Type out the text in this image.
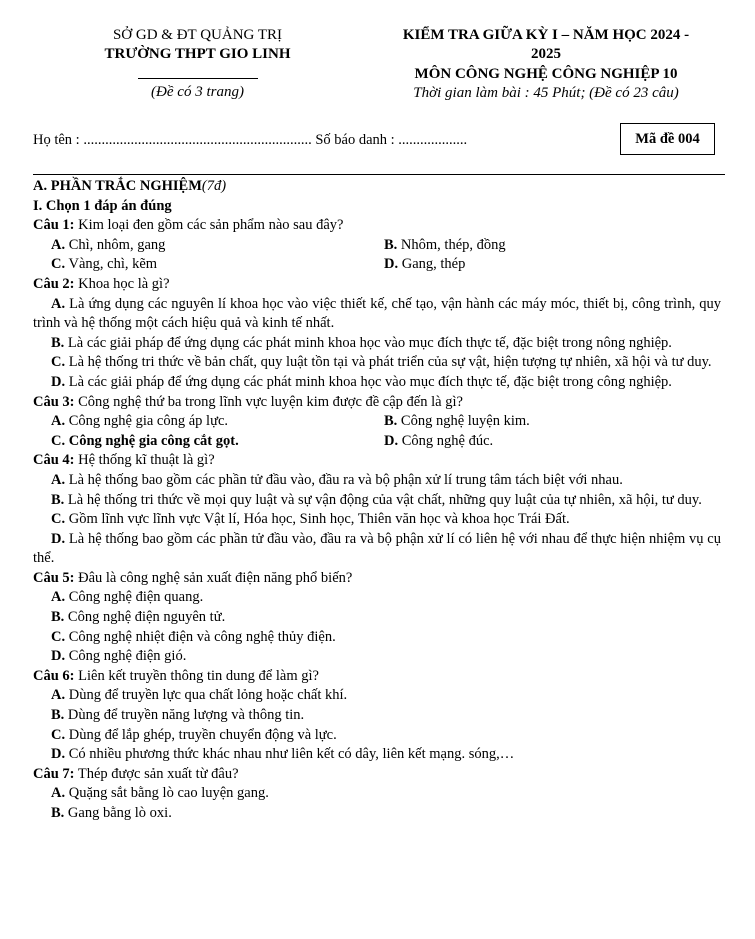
SỞ GD & ĐT QUẢNG TRỊ
TRƯỜNG THPT GIO LINH
(Đề có 3 trang)
KIỂM TRA GIỮA KỲ I – NĂM HỌC 2024 -
2025
MÔN CÔNG NGHỆ CÔNG NGHIỆP 10
Thời gian làm bài : 45 Phút; (Đề có 23 câu)
Họ tên : ............................................................... Số báo danh : ...................	Mã đề 004
A. PHẦN TRẮC NGHIỆM(7đ)
I. Chọn 1 đáp án đúng
Câu 1: Kim loại đen gồm các sản phẩm nào sau đây?
A. Chì, nhôm, gang	B. Nhôm, thép, đồng
C. Vàng, chì, kẽm	D. Gang, thép
Câu 2: Khoa học là gì?
A. Là ứng dụng các nguyên lí khoa học vào việc thiết kế, chế tạo, vận hành các máy móc, thiết bị, công trình, quy trình và hệ thống một cách hiệu quả và kinh tế nhất.
B. Là các giải pháp để ứng dụng các phát minh khoa học vào mục đích thực tế, đặc biệt trong nông nghiệp.
C. Là hệ thống tri thức về bản chất, quy luật tồn tại và phát triển của sự vật, hiện tượng tự nhiên, xã hội và tư duy.
D. Là các giải pháp để ứng dụng các phát minh khoa học vào mục đích thực tế, đặc biệt trong công nghiệp.
Câu 3: Công nghệ thứ ba trong lĩnh vực luyện kim được đề cập đến là gì?
A. Công nghệ gia công áp lực.	B. Công nghệ luyện kim.
C. Công nghệ gia công cắt gọt.	D. Công nghệ đúc.
Câu 4: Hệ thống kĩ thuật là gì?
A. Là hệ thống bao gồm các phần tử đầu vào, đầu ra và bộ phận xử lí trung tâm tách biệt với nhau.
B. Là hệ thống tri thức về mọi quy luật và sự vận động của vật chất, những quy luật của tự nhiên, xã hội, tư duy.
C. Gồm lĩnh vực lĩnh vực Vật lí, Hóa học, Sinh học, Thiên văn học và khoa học Trái Đất.
D. Là hệ thống bao gồm các phần tử đầu vào, đầu ra và bộ phận xử lí có liên hệ với nhau để thực hiện nhiệm vụ cụ thể.
Câu 5: Đâu là công nghệ sản xuất điện năng phổ biến?
A. Công nghệ điện quang.
B. Công nghệ điện nguyên tử.
C. Công nghệ nhiệt điện và công nghệ thủy điện.
D. Công nghệ điện gió.
Câu 6: Liên kết truyền thông tin dung để làm gì?
A. Dùng để truyền lực qua chất lỏng hoặc chất khí.
B. Dùng để truyền năng lượng và thông tin.
C. Dùng để lắp ghép, truyền chuyển động và lực.
D. Có nhiều phương thức khác nhau như liên kết có dây, liên kết mạng. sóng,…
Câu 7: Thép được sản xuất từ đâu?
A. Quặng sắt bằng lò cao luyện gang.
B. Gang bằng lò oxi.
